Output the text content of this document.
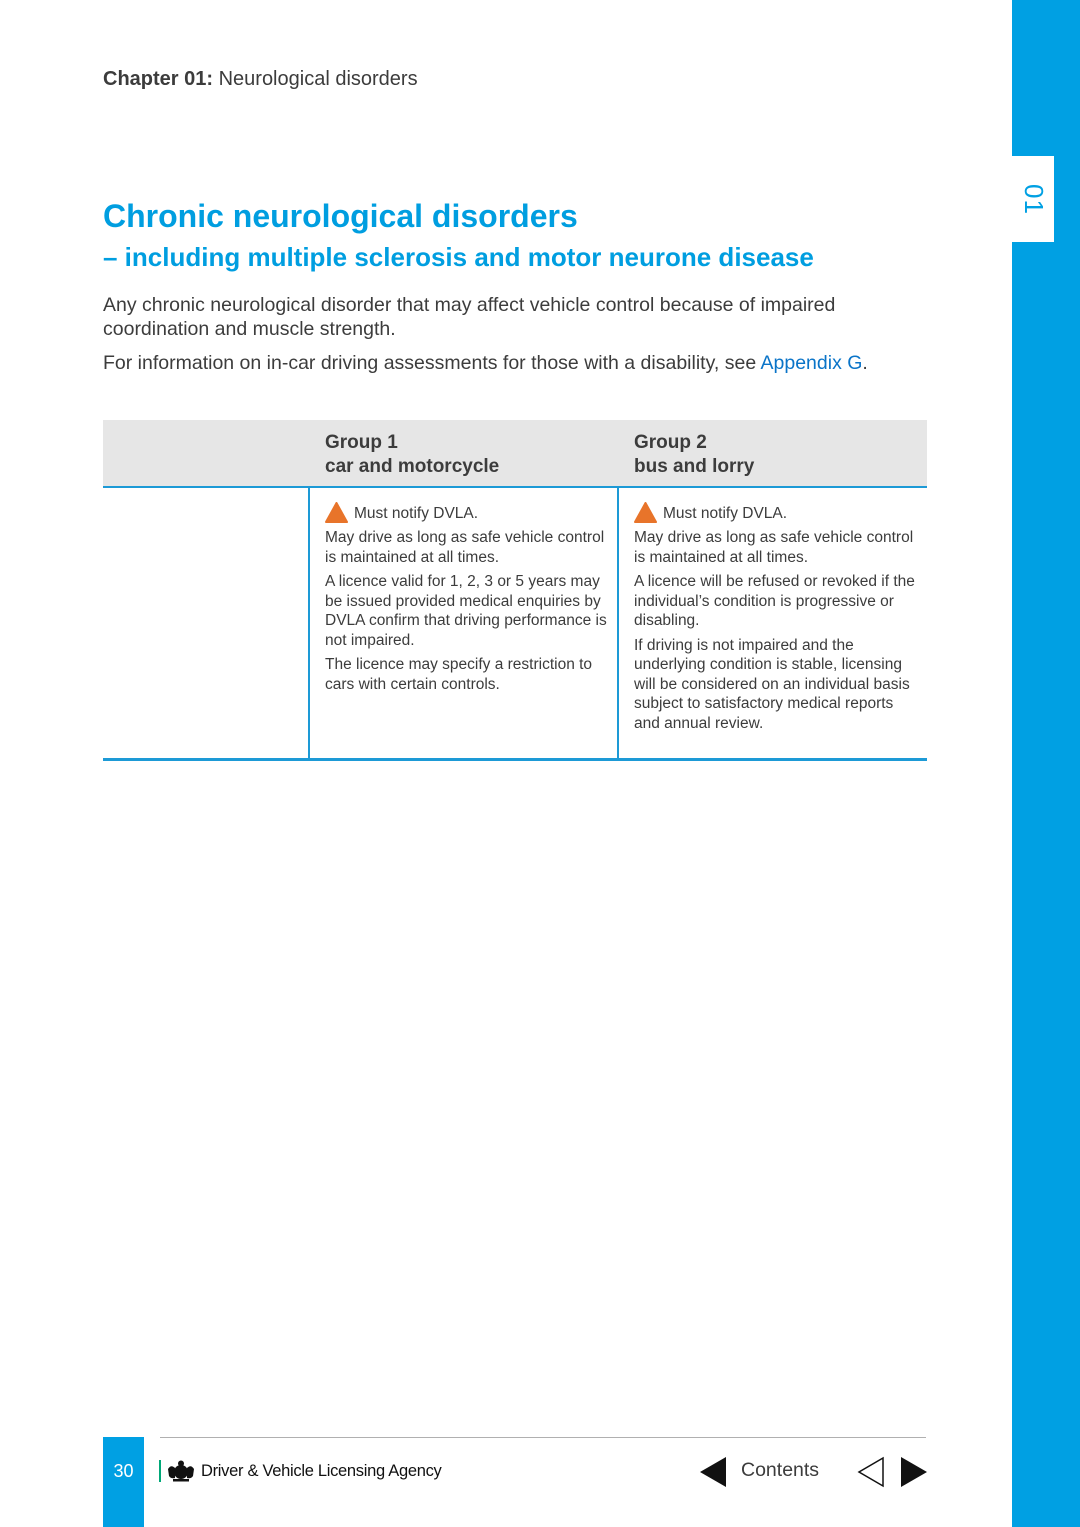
01
Chapter 01: Neurological disorders
Chronic neurological disorders
– including multiple sclerosis and motor neurone disease

Any chronic neurological disorder that may affect vehicle control because of impaired coordination and muscle strength.

For information on in-car driving assessments for those with a disability, see Appendix G.

Group 1
car and motorcycle
Group 2
bus and lorry
Must notify DVLA.

May drive as long as safe vehicle control is maintained at all times.

A licence valid for 1, 2, 3 or 5 years may be issued provided medical enquiries by DVLA confirm that driving performance is not impaired.

The licence may specify a restriction to cars with certain controls.

Must notify DVLA.

May drive as long as safe vehicle control is maintained at all times.

A licence will be refused or revoked if the individual’s condition is progressive or disabling.

If driving is not impaired and the underlying condition is stable, licensing will be considered on an individual basis subject to satisfactory medical reports and annual review.

30	Driver & Vehicle Licensing Agency	Contents
